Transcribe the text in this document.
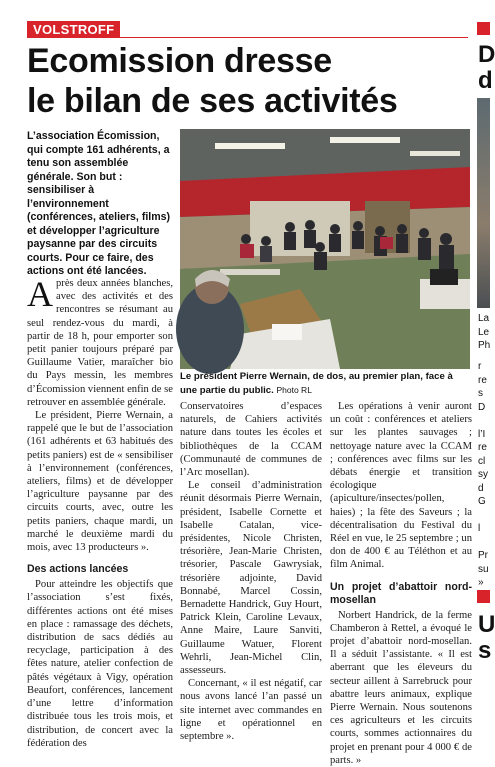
VOLSTROFF
Ecomission dresse
le bilan de ses activités

L’association Écomission, qui compte 161 adhérents, a tenu son assemblée générale. Son but : sensibiliser à l’environnement (conférences, ateliers, films) et développer l’agriculture paysanne par des circuits courts. Pour ce faire, des actions ont été lancées.

Après deux années blanches, avec des activités et des rencontres se résumant au seul rendez-vous du mardi, à partir de 18 h, pour emporter son petit panier toujours préparé par Guillaume Vatier, maraîcher bio du Pays messin, les membres d’Écomission viennent enfin de se retrouver en assemblée générale.

Le président, Pierre Wernain, a rappelé que le but de l’association (161 adhérents et 63 habitués des petits paniers) est de « sensibiliser à l’environnement (conférences, ateliers, films) et de développer l’agriculture paysanne par des circuits courts, avec, outre les petits paniers, chaque mardi, un marché le deuxième mardi du mois, avec 13 producteurs ».

Des actions lancées

Pour atteindre les objectifs que l’association s’est fixés, différentes actions ont été mises en place : ramassage des déchets, distribution de sacs dédiés au recyclage, participation à des fêtes nature, atelier confection de pâtés végétaux à Vigy, opération Beaufort, conférences, lancement d’une lettre d’information distribuée tous les trois mois, et distribution, de concert avec la fédération des

Le président Pierre Wernain, de dos, au premier plan, face à une partie du public. Photo RL

Conservatoires d’espaces naturels, de Cahiers activités nature dans toutes les écoles et bibliothèques de la CCAM (Communauté de communes de l’Arc mosellan).

Le conseil d’administration réunit désormais Pierre Wernain, président, Isabelle Cornette et Isabelle Catalan, vice-présidentes, Nicole Christen, trésorière, Jean-Marie Christen, trésorier, Pascale Gawrysiak, trésorière adjointe, David Bonnabé, Marcel Cossin, Bernadette Handrick, Guy Hourt, Patrick Klein, Caroline Levaux, Anne Maire, Laure Sanviti, Guillaume Watuer, Florent Wehrli, Jean-Michel Clin, assesseurs.

Concernant, « il est négatif, car nous avons lancé l’an passé un site internet avec commandes en ligne et opérationnel en septembre ».

Les opérations à venir auront un coût : conférences et ateliers sur les plantes sauvages ; nettoyage nature avec la CCAM ; conférences avec films sur les débats énergie et transition écologique (apiculture/insectes/pollen, haies) ; la fête des Saveurs ; la décentralisation du Festival du Réel en vue, le 25 septembre ; un don de 400 € au Téléthon et au film Animal.

Un projet d’abattoir nord-mosellan

Norbert Handrick, de la ferme Chamberon à Rettel, a évoqué le projet d’abattoir nord-mosellan. Il a séduit l’assistante. « Il est aberrant que les éleveurs du secteur aillent à Sarrebruck pour abattre leurs animaux, explique Pierre Wernain. Nous soutenons ces agriculteurs et les circuits courts, sommes actionnaires du projet en prenant pour 4 000 € de parts. »

D
d
La
Le
Ph
r
re
s
D

l’I
re
cl
sy
d
G

l

Pr
su
»
U
s
